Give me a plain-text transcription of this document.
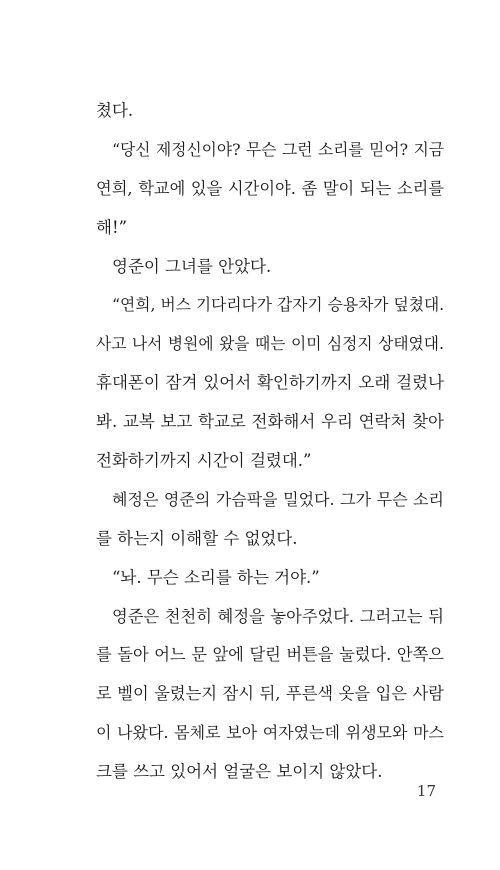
쳤다.
“당신 제정신이야? 무슨 그런 소리를 믿어? 지금
연희, 학교에 있을 시간이야. 좀 말이 되는 소리를
해!”
영준이 그녀를 안았다.
“연희, 버스 기다리다가 갑자기 승용차가 덮쳤대.
사고 나서 병원에 왔을 때는 이미 심정지 상태였대.
휴대폰이 잠겨 있어서 확인하기까지 오래 걸렸나
봐. 교복 보고 학교로 전화해서 우리 연락처 찾아
전화하기까지 시간이 걸렸대.”
혜정은 영준의 가슴팍을 밀었다. 그가 무슨 소리
를 하는지 이해할 수 없었다.
“놔. 무슨 소리를 하는 거야.”
영준은 천천히 혜정을 놓아주었다. 그러고는 뒤
를 돌아 어느 문 앞에 달린 버튼을 눌렀다. 안쪽으
로 벨이 울렸는지 잠시 뒤, 푸른색 옷을 입은 사람
이 나왔다. 몸체로 보아 여자였는데 위생모와 마스
크를 쓰고 있어서 얼굴은 보이지 않았다.
17
